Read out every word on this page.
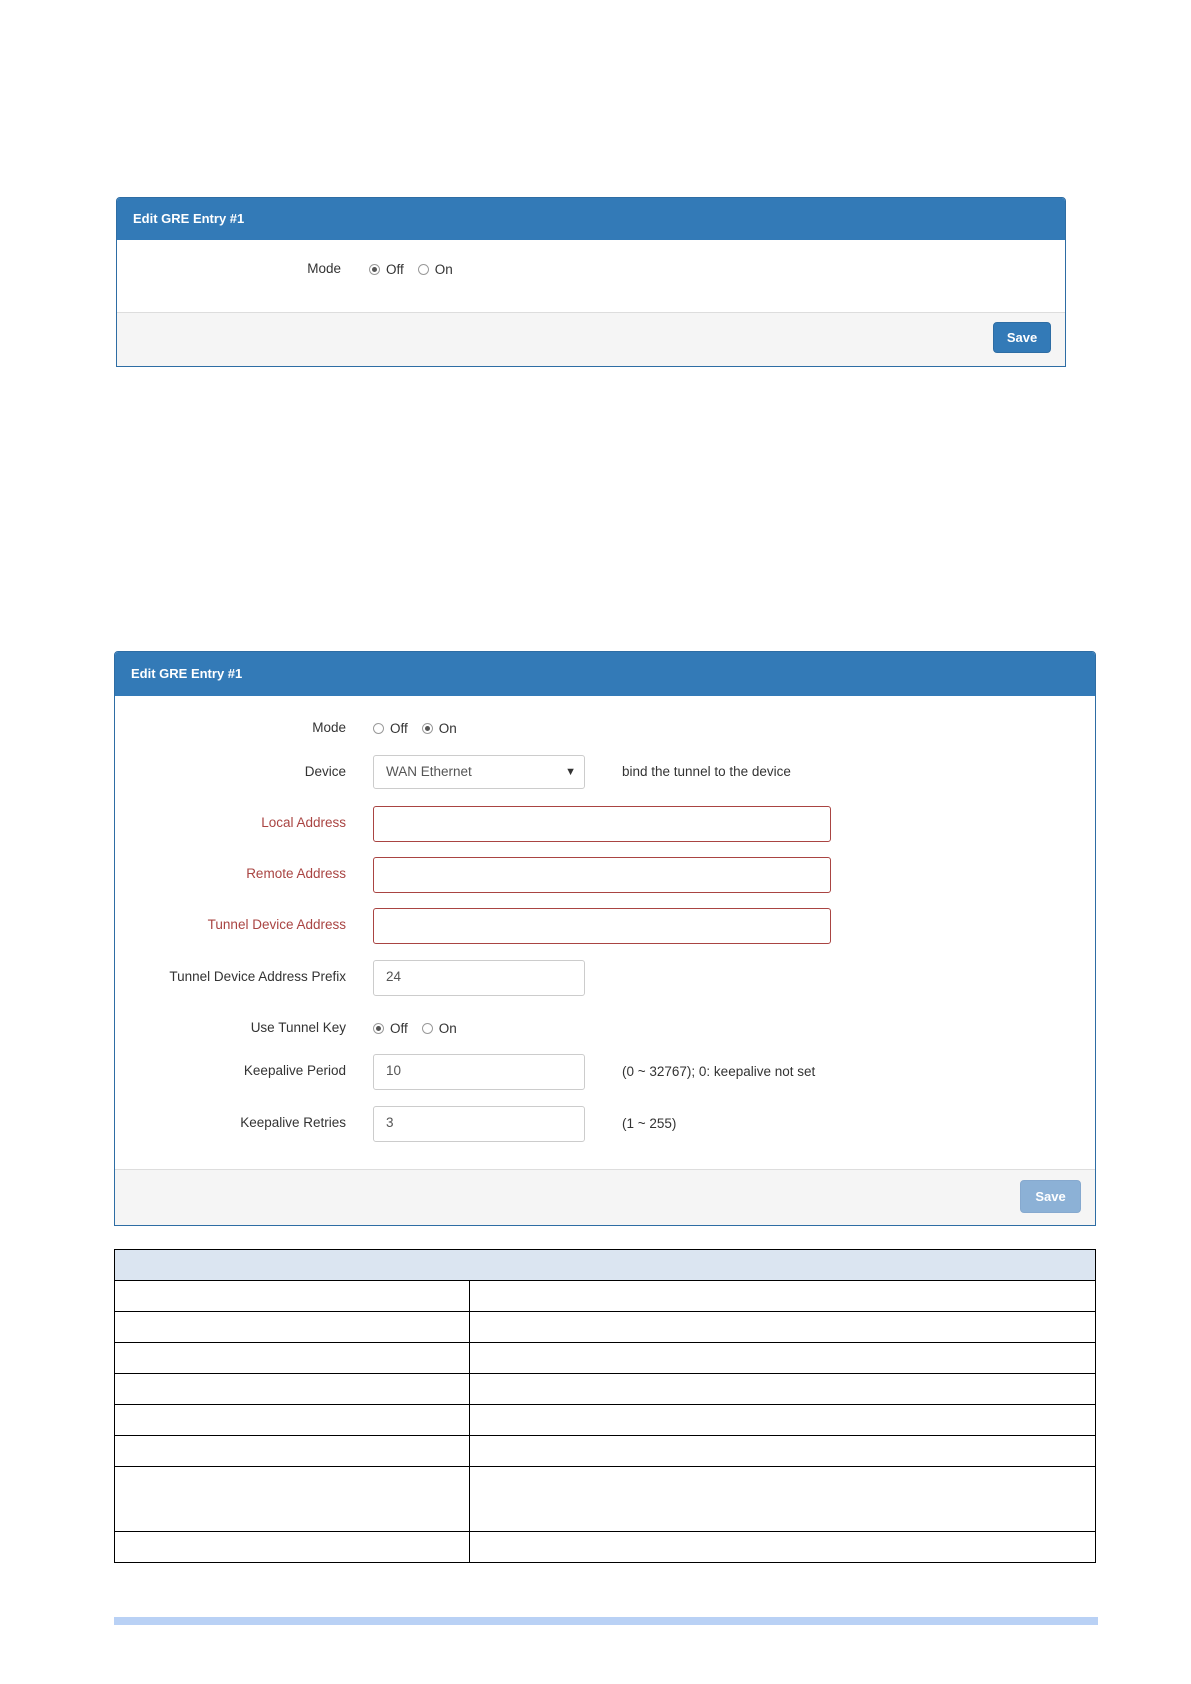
Edit GRE Entry #1
Mode	Off On
Save
Edit GRE Entry #1
Mode	Off On
Device	WAN Ethernet	▼	bind the tunnel to the device
Local Address
Remote Address
Tunnel Device Address
Tunnel Device Address Prefix	24
Use Tunnel Key	Off On
Keepalive Period	10	(0 ~ 32767); 0: keepalive not set
Keepalive Retries	3	(1 ~ 255)
Save
